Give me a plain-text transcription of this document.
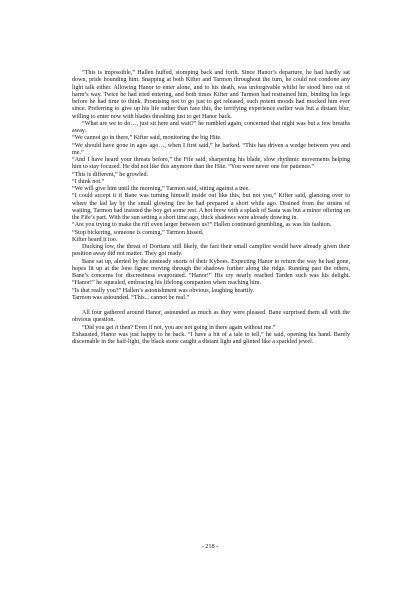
“This is impossible,” Hallen huffed, stomping back and forth. Since Hanor’s departure, he had hardly sat down, pride hounding him. Snapping at both Kifter and Tarmon throughout the turn, he could not condone any light talk either. Allowing Hanor to enter alone, and to his death, was unforgivable whilst he stood here out of harm’s way. Twice he had tried entering, and both times Kifter and Tarmon had restrained him, binding his legs before he had time to think. Promising not to go just to get released, such potent moods had mocked him ever since. Preferring to give up his life rather than face this, the terrifying experience earlier was but a distant blur, willing to enter now with blades thrashing just to get Hanor back.

“What are we to do…, just sit here and wait?” he rumbled again, concerned that night was but a few breaths away.

“We cannot go in there,” Kifter said, monitoring the big Hite.

“We should have gone in ages ago…, when I first said,” he barked. “This has driven a wedge between you and me.”

“And I have heard your threats before,” the Fife said, sharpening his blade, slow rhythmic movements helping him to stay focused. He did not like this anymore than the Hite. “You were never one for patience.”

“This is different,” he growled.

“I think not.”

“We will give him until the morning,” Tarmon said, sitting against a tree.

“I could accept it if Bane was turning himself inside out like this, but not you,” Kifter said, glancing over to where the lad lay by the small glowing fire he had prepared a short while ago. Drained from the strains of waiting, Tarmon had insisted the boy get some rest. A hot brew with a splash of Sasta was but a minor offering on the Fife’s part. With the sun setting a short time ago, thick shadows were already drawing in.

“Are you trying to make the rift even larger between us?” Hallen continued grumbling, as was his fashion.

“Stop bickering, someone is coming,” Tarmon hissed.

Kifter heard it too.

Ducking low, the threat of Dortians still likely, the fact their small campfire would have already given their position away did not matter. They got ready.

Bane sat up, alerted by the unsteady snorts of their Kyboes. Expecting Hanor to return the way he had gone, hopes lit up at the lone figure moving through the shadows further along the ridge. Running past the others, Bane’s concerns for discreetness evaporated. “Hanor!” His cry nearly reached Tarden such was his delight. “Hanor!” he squealed, embracing his lifelong companion when reaching him.

“Is that really you?” Hallen’s astonishment was obvious, laughing heartily.

Tarmon was astounded. “This... cannot be real.”

All four gathered around Hanor, astounded as much as they were pleased. Bane surprised them all with the obvious question.

“Did you get it then? Even if not, you are not going in there again without me.”

Exhausted, Hanor was just happy to be back. “I have a bit of a tale to tell,” he said, opening his hand. Barely discernable in the half-light, the black stone caught a distant light and glinted like a sparkled jewel.

- 218 -
